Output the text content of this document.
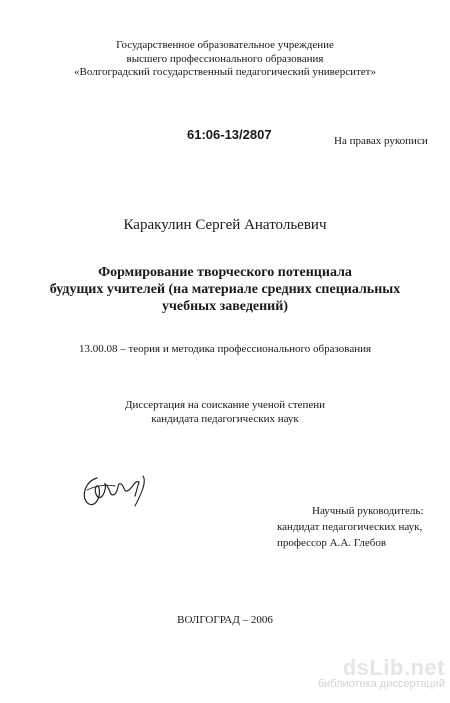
Государственное образовательное учреждение
высшего профессионального образования
«Волгоградский государственный педагогический университет»
61:06-13/2807	На правах рукописи
Каракулин Сергей Анатольевич
Формирование творческого потенциала
будущих учителей (на материале средних специальных
учебных заведений)
13.00.08 – теория и методика профессионального образования
Диссертация на соискание ученой степени
кандидата педагогических наук
Научный руководитель:
кандидат педагогических наук,
профессор А.А. Глебов
ВОЛГОГРАД – 2006
dsLib.net
библиотека диссертаций
